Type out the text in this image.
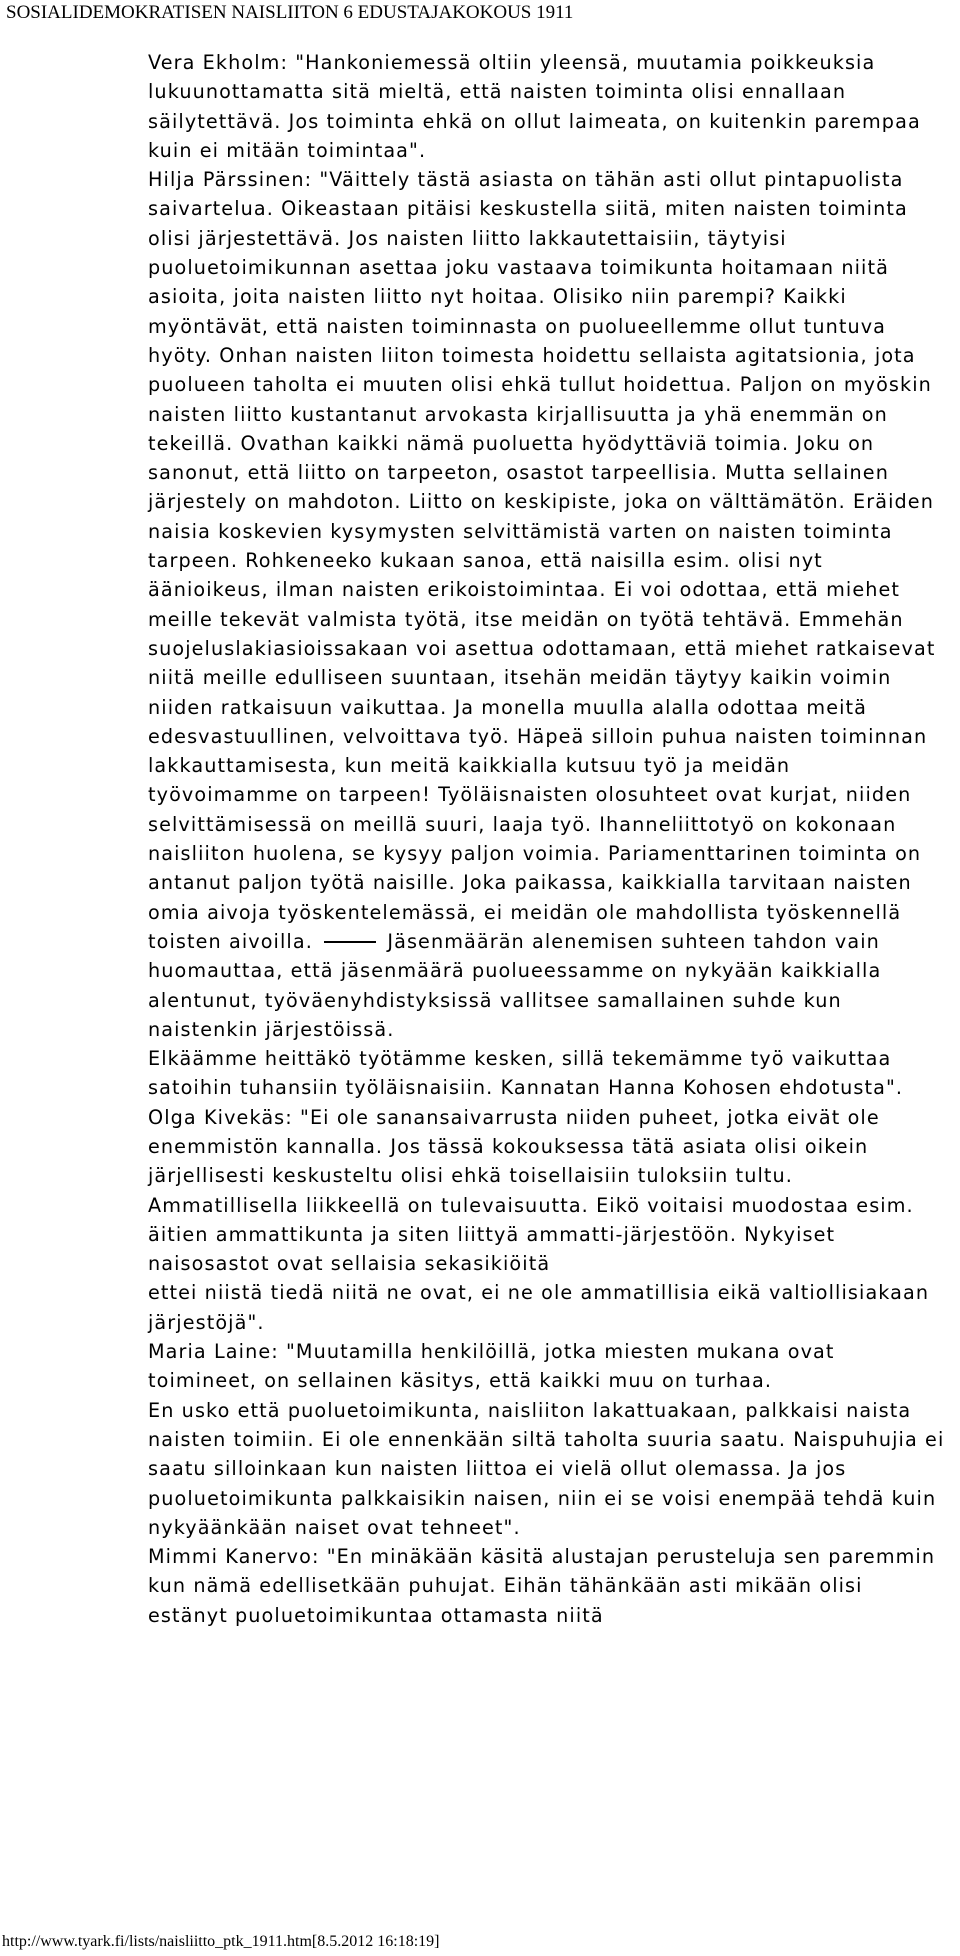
SOSIALIDEMOKRATISEN NAISLIITON 6 EDUSTAJAKOKOUS 1911
Vera Ekholm: "Hankoniemessä oltiin yleensä, muutamia poikkeuksia lukuunottamatta sitä mieltä, että naisten toiminta olisi ennallaan säilytettävä. Jos toiminta ehkä on ollut laimeata, on kuitenkin parempaa kuin ei mitään toimintaa".
Hilja Pärssinen: "Väittely tästä asiasta on tähän asti ollut pintapuolista saivartelua. Oikeastaan pitäisi keskustella siitä, miten naisten toiminta olisi järjestettävä. Jos naisten liitto lakkautettaisiin, täytyisi puoluetoimikunnan asettaa joku vastaava toimikunta hoitamaan niitä asioita, joita naisten liitto nyt hoitaa. Olisiko niin parempi? Kaikki myöntävät, että naisten toiminnasta on puolueellemme ollut tuntuva hyöty. Onhan naisten liiton toimesta hoidettu sellaista agitatsionia, jota puolueen taholta ei muuten olisi ehkä tullut hoidettua. Paljon on myöskin naisten liitto kustantanut arvokasta kirjallisuutta ja yhä enemmän on tekeillä. Ovathan kaikki nämä puoluetta hyödyttäviä toimia. Joku on sanonut, että liitto on tarpeeton, osastot tarpeellisia. Mutta sellainen järjestely on mahdoton. Liitto on keskipiste, joka on välttämätön. Eräiden naisia koskevien kysymysten selvittämistä varten on naisten toiminta tarpeen. Rohkeneeko kukaan sanoa, että naisilla esim. olisi nyt äänioikeus, ilman naisten erikoistoimintaa. Ei voi odottaa, että miehet meille tekevät valmista työtä, itse meidän on työtä tehtävä. Emmehän suojeluslakiasioissakaan voi asettua odottamaan, että miehet ratkaisevat niitä meille edulliseen suuntaan, itsehän meidän täytyy kaikin voimin niiden ratkaisuun vaikuttaa. Ja monella muulla alalla odottaa meitä edesvastuullinen, velvoittava työ. Häpeä silloin puhua naisten toiminnan lakkauttamisesta, kun meitä kaikkialla kutsuu työ ja meidän työvoimamme on tarpeen! Työläisnaisten olosuhteet ovat kurjat, niiden selvittämisessä on meillä suuri, laaja työ. Ihanneliittotyö on kokonaan naisliiton huolena, se kysyy paljon voimia. Pariamenttarinen toiminta on antanut paljon työtä naisille. Joka paikassa, kaikkialla tarvitaan naisten omia aivoja työskentelemässä, ei meidän ole mahdollista työskennellä toisten aivoilla.	Jäsenmäärän alenemisen suhteen tahdon vain huomauttaa, että jäsenmäärä puolueessamme on nykyään kaikkialla alentunut, työväenyhdistyksissä vallitsee samallainen suhde kun naistenkin järjestöissä.
Elkäämme heittäkö työtämme kesken, sillä tekemämme työ vaikuttaa satoihin tuhansiin työläisnaisiin. Kannatan Hanna Kohosen ehdotusta".
Olga Kivekäs: "Ei ole sanansaivarrusta niiden puheet, jotka eivät ole enemmistön kannalla. Jos tässä kokouksessa tätä asiata olisi oikein järjellisesti keskusteltu olisi ehkä toisellaisiin tuloksiin tultu. Ammatillisella liikkeellä on tulevaisuutta. Eikö voitaisi muodostaa esim. äitien ammattikunta ja siten liittyä ammatti-järjestöön. Nykyiset naisosastot ovat sellaisia sekasikiöitä
ettei niistä tiedä niitä ne ovat, ei ne ole ammatillisia eikä valtiollisiakaan järjestöjä".
Maria Laine: "Muutamilla henkilöillä, jotka miesten mukana ovat toimineet, on sellainen käsitys, että kaikki muu on turhaa.
En usko että puoluetoimikunta, naisliiton lakattuakaan, palkkaisi naista naisten toimiin. Ei ole ennenkään siltä taholta suuria saatu. Naispuhujia ei saatu silloinkaan kun naisten liittoa ei vielä ollut olemassa. Ja jos puoluetoimikunta palkkaisikin naisen, niin ei se voisi enempää tehdä kuin nykyäänkään naiset ovat tehneet".
Mimmi Kanervo: "En minäkään käsitä alustajan perusteluja sen paremmin kun nämä edellisetkään puhujat. Eihän tähänkään asti mikään olisi estänyt puoluetoimikuntaa ottamasta niitä
http://www.tyark.fi/lists/naisliitto_ptk_1911.htm[8.5.2012 16:18:19]
